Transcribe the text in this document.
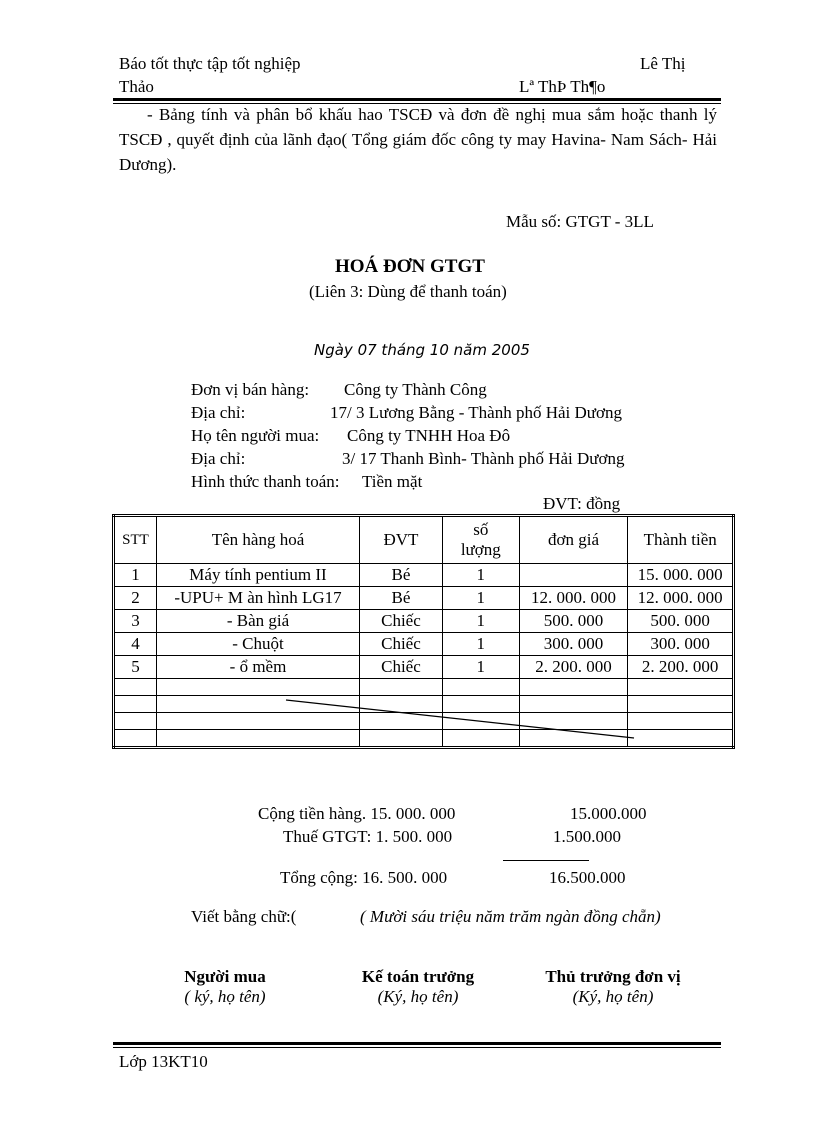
Báo tốt thực tập tốt nghiệp	Lê Thị
Thảo	Lª ThÞ Th¶o
- Bảng tính và phân bổ khấu hao TSCĐ và đơn đề nghị mua sắm hoặc thanh lý TSCĐ , quyết định của lãnh đạo( Tổng giám đốc công ty may Havina- Nam Sách- Hải Dương).
Mẫu số: GTGT - 3LL
HOÁ ĐƠN GTGT
(Liên 3: Dùng để thanh toán)
Ngày 07 tháng 10 năm 2005
Đơn vị bán hàng: Công ty Thành Công
Địa chỉ:	17/ 3 Lương Bằng - Thành phố Hải Dương
Họ tên người mua: Công ty TNHH Hoa Đô
Địa chỉ:	3/ 17 Thanh Bình- Thành phố Hải Dương
Hình thức thanh toán: Tiền mặt
ĐVT: đồng
STT	Tên hàng hoá	ĐVT	số lượng	đơn giá	Thành tiền
1	Máy tính pentium II	Bé	1		15. 000. 000
2	-UPU+ M àn hình LG17	Bé	1	12. 000. 000	12. 000. 000
3	- Bàn giá	Chiếc	1	500. 000	500. 000
4	- Chuột	Chiếc	1	300. 000	300. 000
5	- ổ mềm	Chiếc	1	2. 200. 000	2. 200. 000

Cộng tiền hàng. 15. 000. 000	15.000.000
Thuế GTGT: 1. 500. 000	1.500.000
Tổng cộng: 16. 500. 000	16.500.000
Viết bằng chữ:(	( Mười sáu triệu năm trăm ngàn đồng chẵn)
Người mua
( ký, họ tên)
Kế toán trưởng
(Ký, họ tên)
Thủ trưởng đơn vị
(Ký, họ tên)
Lớp 13KT10
